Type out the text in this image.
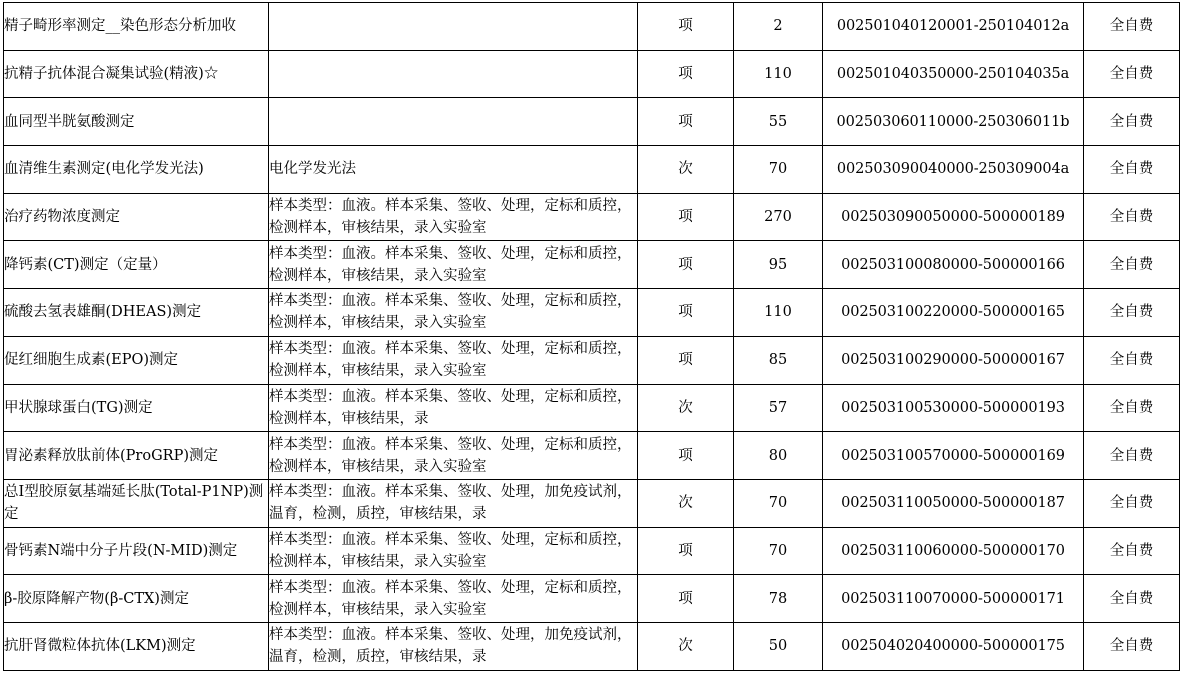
精子畸形率测定__染色形态分析加收		项	2	002501040120001-250104012a	全自费

抗精子抗体混合凝集试验(精液)☆		项	110	002501040350000-250104035a	全自费

血同型半胱氨酸测定		项	55	002503060110000-250306011b	全自费

血清维生素测定(电化学发光法)	电化学发光法	次	70	002503090040000-250309004a	全自费

治疗药物浓度测定	样本类型：血液。样本采集、签收、处理，定标和质控，检测样本，审核结果，录入实验室	项	270	002503090050000-500000189	全自费

降钙素(CT)测定（定量）	样本类型：血液。样本采集、签收、处理，定标和质控，检测样本，审核结果，录入实验室	项	95	002503100080000-500000166	全自费

硫酸去氢表雄酮(DHEAS)测定	样本类型：血液。样本采集、签收、处理，定标和质控，检测样本，审核结果，录入实验室	项	110	002503100220000-500000165	全自费

促红细胞生成素(EPO)测定	样本类型：血液。样本采集、签收、处理，定标和质控，检测样本，审核结果，录入实验室	项	85	002503100290000-500000167	全自费

甲状腺球蛋白(TG)测定	样本类型：血液。样本采集、签收、处理，定标和质控，检测样本，审核结果，录	次	57	002503100530000-500000193	全自费

胃泌素释放肽前体(ProGRP)测定	样本类型：血液。样本采集、签收、处理，定标和质控，检测样本，审核结果，录入实验室	项	80	002503100570000-500000169	全自费

总Ⅰ型胶原氨基端延长肽(Total-P1NP)测定	样本类型：血液。样本采集、签收、处理，加免疫试剂，温育，检测，质控，审核结果，录	次	70	002503110050000-500000187	全自费

骨钙素N端中分子片段(N-MID)测定	样本类型：血液。样本采集、签收、处理，定标和质控，检测样本，审核结果，录入实验室	项	70	002503110060000-500000170	全自费

β-胶原降解产物(β-CTX)测定	样本类型：血液。样本采集、签收、处理，定标和质控，检测样本，审核结果，录入实验室	项	78	002503110070000-500000171	全自费

抗肝肾微粒体抗体(LKM)测定	样本类型：血液。样本采集、签收、处理，加免疫试剂，温育，检测，质控，审核结果，录	次	50	002504020400000-500000175	全自费
